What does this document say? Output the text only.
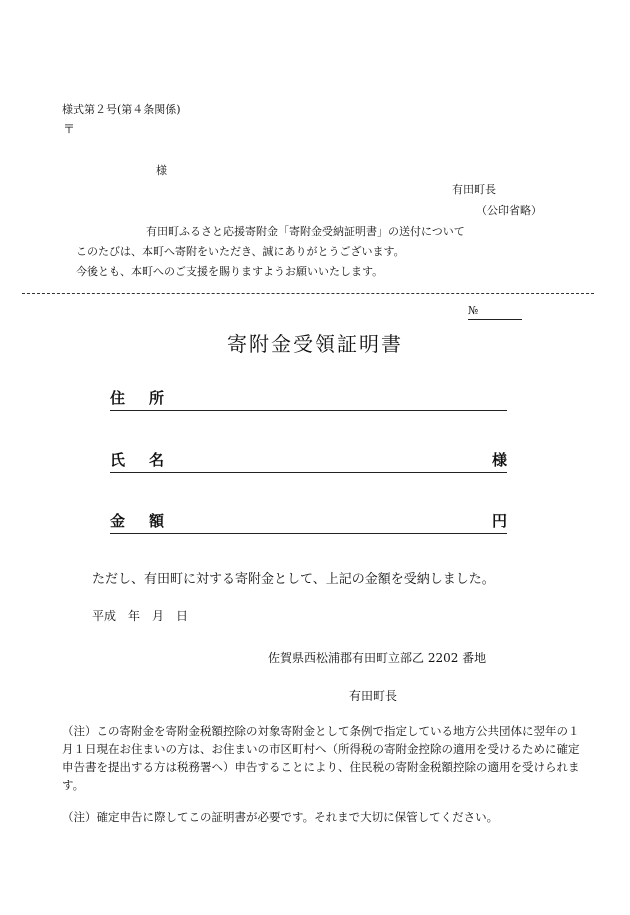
様式第２号(第４条関係)
〒
様
有田町長
（公印省略）
有田町ふるさと応援寄附金「寄附金受納証明書」の送付について
このたびは、本町へ寄附をいただき、誠にありがとうございます。
今後とも、本町へのご支援を賜りますようお願いいたします。
№
寄附金受領証明書
住所
氏名	様
金額	円
ただし、有田町に対する寄附金として、上記の金額を受納しました。
平成　年　月　日
佐賀県西松浦郡有田町立部乙 2202 番地
有田町長
（注）この寄附金を寄附金税額控除の対象寄附金として条例で指定している地方公共団体に翌年の１月１日現在お住まいの方は、お住まいの市区町村へ（所得税の寄附金控除の適用を受けるために確定申告書を提出する方は税務署へ）申告することにより、住民税の寄附金税額控除の適用を受けられます。
（注）確定申告に際してこの証明書が必要です。それまで大切に保管してください。
